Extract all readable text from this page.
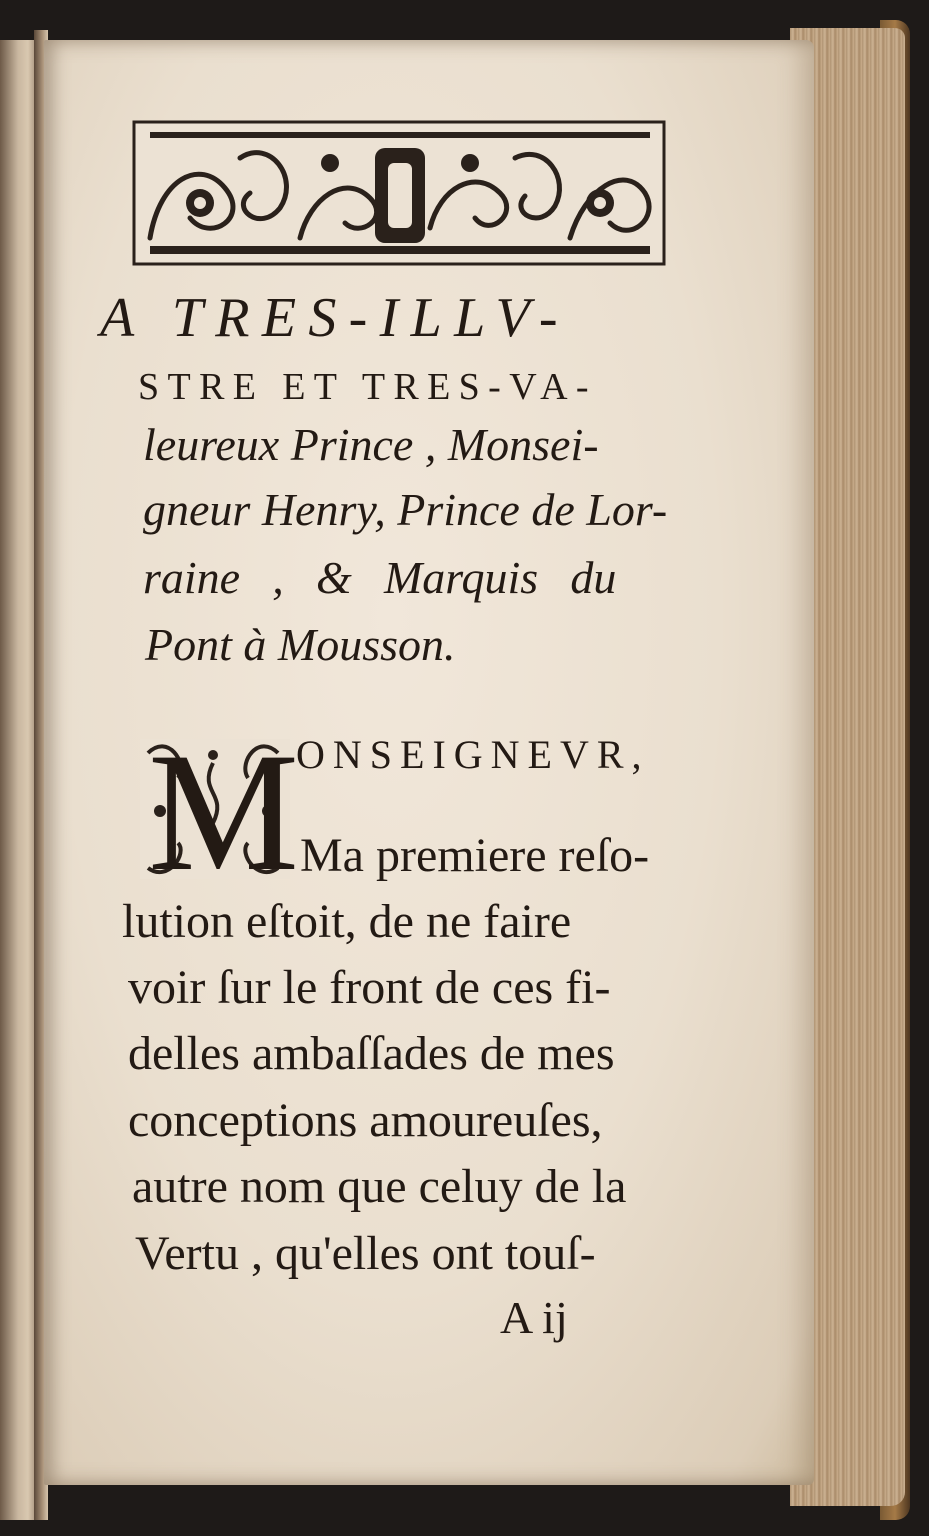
A TRES-ILLV-
STRE ET TRES-VA-
leureux Prince , Monsei-
gneur Henry, Prince de Lor-
raine , & Marquis du
Pont à Mousson.
M
ONSEIGNEVR,
Ma premiere reſo-
lution eſtoit, de ne faire
voir ſur le front de ces fi-
delles ambaſſades de mes
conceptions amoureuſes,
autre nom que celuy de la
Vertu , qu'elles ont touſ-
A ij
